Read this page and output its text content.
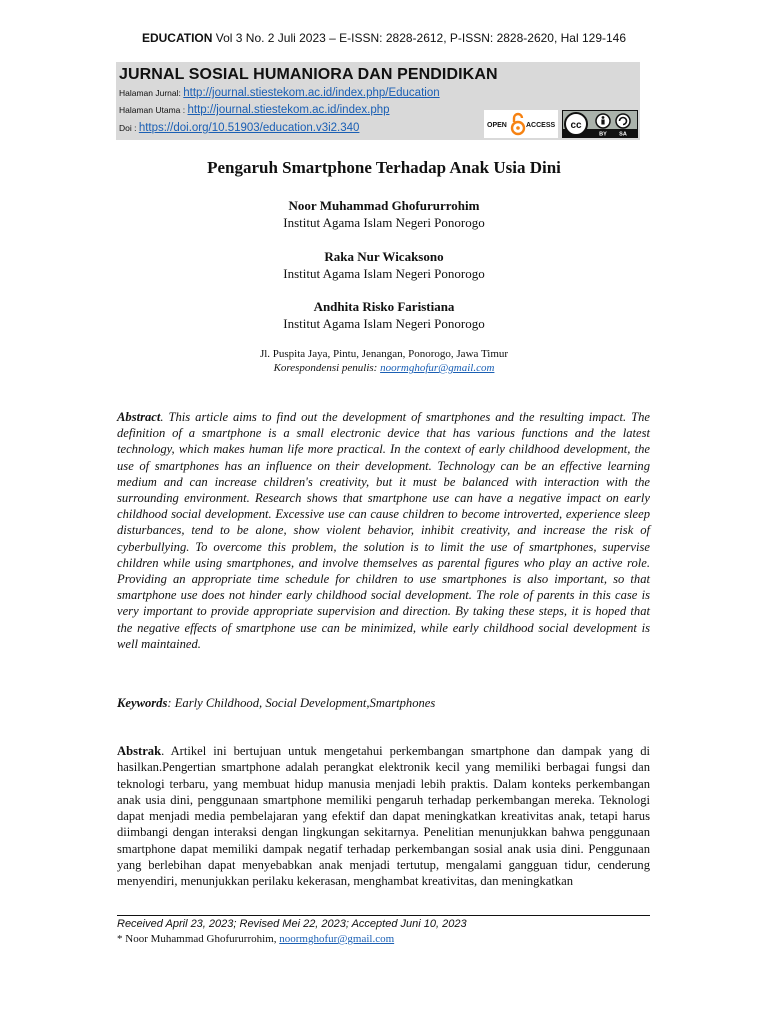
EDUCATION Vol 3 No. 2 Juli 2023 – E-ISSN: 2828-2612, P-ISSN: 2828-2620, Hal 129-146
JURNAL SOSIAL HUMANIORA DAN PENDIDIKAN
Halaman Jurnal: http://journal.stiestekom.ac.id/index.php/Education
Halaman Utama : http://journal.stiestekom.ac.id/index.php
Doi : https://doi.org/10.51903/education.v3i2.340	OPEN	ACCESS cc
BY SA
Pengaruh Smartphone Terhadap Anak Usia Dini
Noor Muhammad Ghofururrohim
Institut Agama Islam Negeri Ponorogo
Raka Nur Wicaksono
Institut Agama Islam Negeri Ponorogo
Andhita Risko Faristiana
Institut Agama Islam Negeri Ponorogo
Jl. Puspita Jaya, Pintu, Jenangan, Ponorogo, Jawa Timur
Korespondensi penulis: noormghofur@gmail.com
Abstract. This article aims to find out the development of smartphones and the resulting impact. The definition of a smartphone is a small electronic device that has various functions and the latest technology, which makes human life more practical. In the context of early childhood development, the use of smartphones has an influence on their development. Technology can be an effective learning medium and can increase children's creativity, but it must be balanced with interaction with the surrounding environment. Research shows that smartphone use can have a negative impact on early childhood social development. Excessive use can cause children to become introverted, experience sleep disturbances, tend to be alone, show violent behavior, inhibit creativity, and increase the risk of cyberbullying. To overcome this problem, the solution is to limit the use of smartphones, supervise children while using smartphones, and involve themselves as parental figures who play an active role. Providing an appropriate time schedule for children to use smartphones is also important, so that smartphone use does not hinder early childhood social development. The role of parents in this case is very important to provide appropriate supervision and direction. By taking these steps, it is hoped that the negative effects of smartphone use can be minimized, while early childhood social development is well maintained.
Keywords: Early Childhood, Social Development,Smartphones
Abstrak. Artikel ini bertujuan untuk mengetahui perkembangan smartphone dan dampak yang di hasilkan.Pengertian smartphone adalah perangkat elektronik kecil yang memiliki berbagai fungsi dan teknologi terbaru, yang membuat hidup manusia menjadi lebih praktis. Dalam konteks perkembangan anak usia dini, penggunaan smartphone memiliki pengaruh terhadap perkembangan mereka. Teknologi dapat menjadi media pembelajaran yang efektif dan dapat meningkatkan kreativitas anak, tetapi harus diimbangi dengan interaksi dengan lingkungan sekitarnya. Penelitian menunjukkan bahwa penggunaan smartphone dapat memiliki dampak negatif terhadap perkembangan sosial anak usia dini. Penggunaan yang berlebihan dapat menyebabkan anak menjadi tertutup, mengalami gangguan tidur, cenderung menyendiri, menunjukkan perilaku kekerasan, menghambat kreativitas, dan meningkatkan
Received April 23, 2023; Revised Mei 22, 2023; Accepted Juni 10, 2023
* Noor Muhammad Ghofururrohim, noormghofur@gmail.com
